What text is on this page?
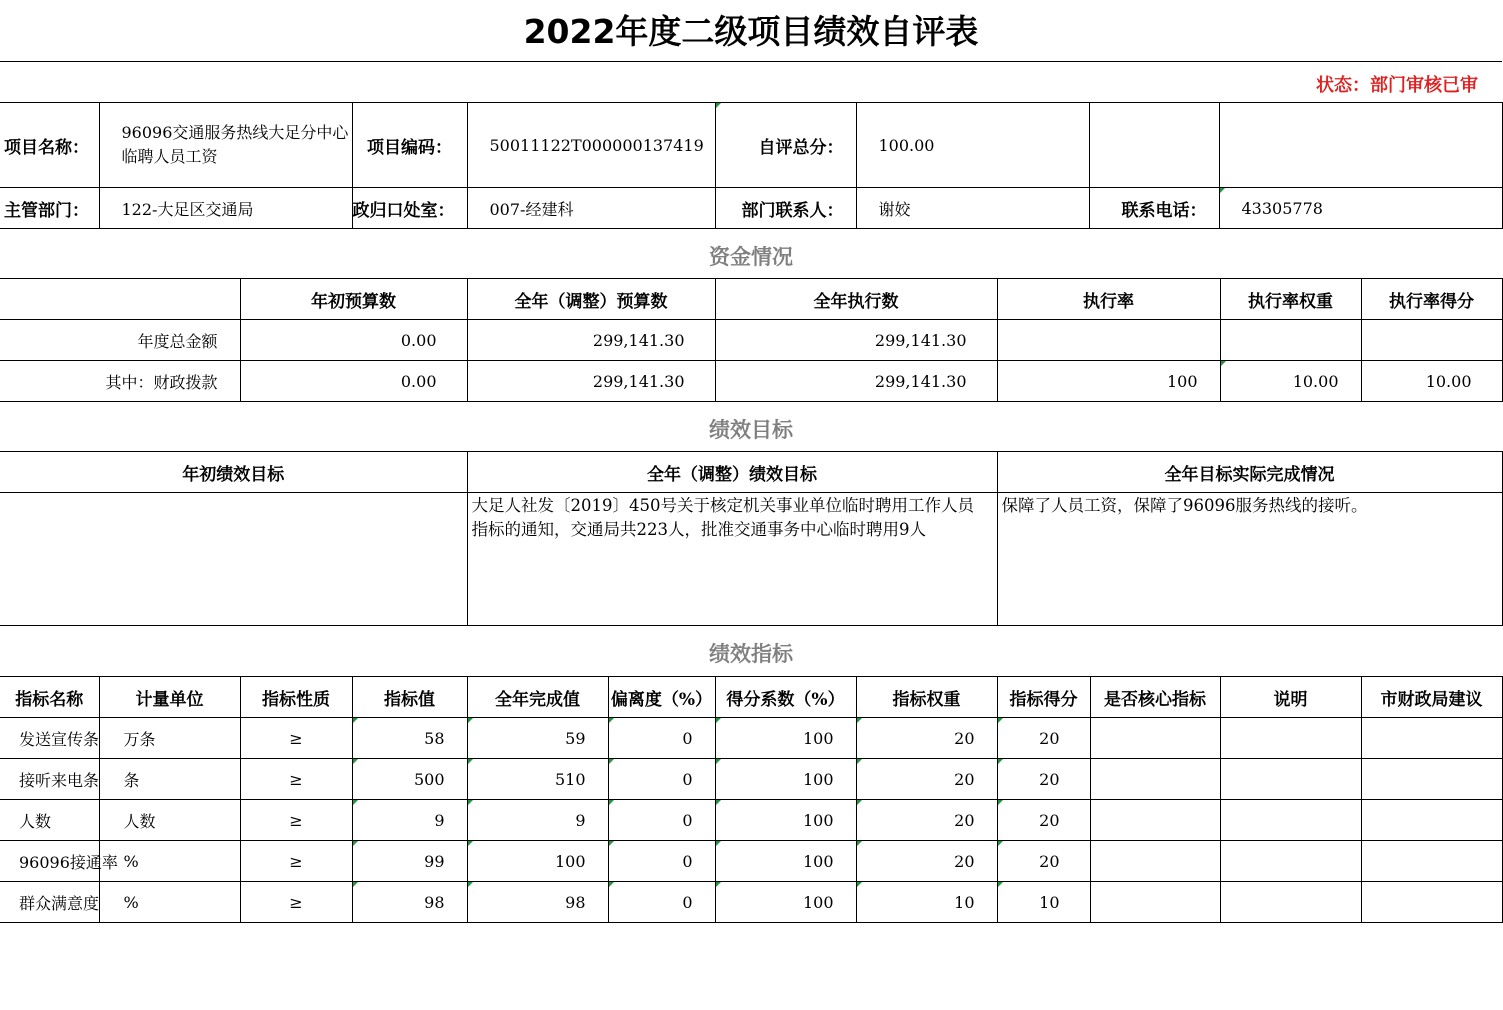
2022年度二级项目绩效自评表
状态：部门审核已审
项目名称：	96096交通服务热线大足分中心临聘人员工资	项目编码：	50011122T000000137419	自评总分：	100.00		
主管部门：	122-大足区交通局	政归口处室：	007-经建科	部门联系人：	谢姣	联系电话：	43305778
资金情况
	年初预算数	全年（调整）预算数	全年执行数	执行率	执行率权重	执行率得分
年度总金额	0.00	299,141.30	299,141.30			
其中：财政拨款	0.00	299,141.30	299,141.30	100	10.00	10.00
绩效目标
年初绩效目标	全年（调整）绩效目标	全年目标实际完成情况
	大足人社发〔2019〕450号关于核定机关事业单位临时聘用工作人员指标的通知，交通局共223人，批准交通事务中心临时聘用9人	保障了人员工资，保障了96096服务热线的接听。
绩效指标
指标名称	计量单位	指标性质	指标值	全年完成值	偏离度（%）	得分系数（%）	指标权重	指标得分	是否核心指标	说明	市财政局建议
发送宣传条	万条	≥	58	59	0	100	20	20			
接听来电条	条	≥	500	510	0	100	20	20			
人数	人数	≥	9	9	0	100	20	20			
96096接通率	%	≥	99	100	0	100	20	20			
群众满意度	%	≥	98	98	0	100	10	10			
